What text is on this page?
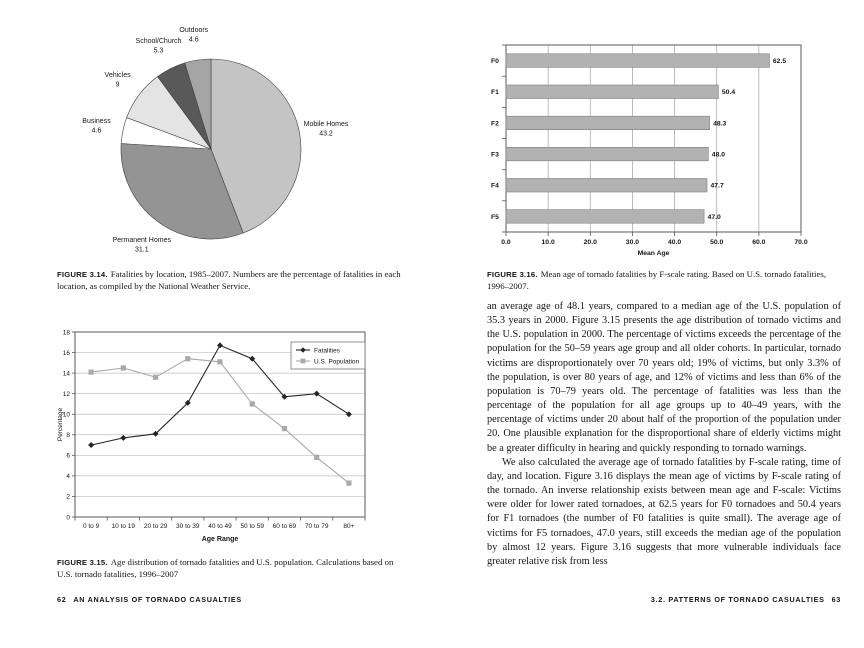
Mobile Homes
43.2
Permanent Homes
31.1
Business
4.6
Vehicles
9
School/Church
5.3
Outdoors
4.6

FIGURE 3.14. Fatalities by location, 1985–2007. Numbers are the percentage of fatalities in each location, as compiled by the National Weather Service.

0
2
4
6
8
10
12
14
16
18
0 to 9 10 to 19 20 to 29 30 to 39 40 to 49 50 to 59 60 to 69 70 to 79 80+
Age Range
Percentage
Fatalities
U.S. Population

FIGURE 3.15. Age distribution of tornado fatalities and U.S. population. Calculations based on U.S. tornado fatalities, 1996–2007

62 AN ANALYSIS OF TORNADO CASUALTIES
0.0	10.0	20.0	30.0	40.0	50.0	60.0	70.0
62.5
F0
50.4
F1
48.3
F2
48.0
F3
47.7
F4
47.0
F5
Mean Age

FIGURE 3.16. Mean age of tornado fatalities by F-scale rating. Based on U.S. tornado fatalities, 1996–2007.

an average age of 48.1 years, compared to a median age of the U.S. population of 35.3 years in 2000. Figure 3.15 presents the age distribution of tornado victims and the U.S. population in 2000. The percentage of victims exceeds the percentage of the population for the 50–59 years age group and all older cohorts. In particular, tornado victims are disproportionately over 70 years old; 19% of victims, but only 3.3% of the population, is over 80 years of age, and 12% of victims and less than 6% of the population is 70–79 years old. The percentage of fatalities was less than the percentage of the population for all age groups up to 40–49 years, with the percentage of victims under 20 about half of the proportion of the population under 20. One plausible explanation for the disproportional share of elderly victims might be a greater difficulty in hearing and quickly responding to tornado warnings.

We also calculated the average age of tornado fatalities by F-scale rating, time of day, and location. Figure 3.16 displays the mean age of victims by F-scale rating of the tornado. An inverse relationship exists between mean age and F-scale: Victims were older for lower rated tornadoes, at 62.5 years for F0 tornadoes and 50.4 years for F1 tornadoes (the number of F0 fatalities is quite small). The average age of victims for F5 tornadoes, 47.0 years, still exceeds the median age of the population by almost 12 years. Figure 3.16 suggests that more vulnerable individuals face greater relative risk from less

3.2. PATTERNS OF TORNADO CASUALTIES 63
